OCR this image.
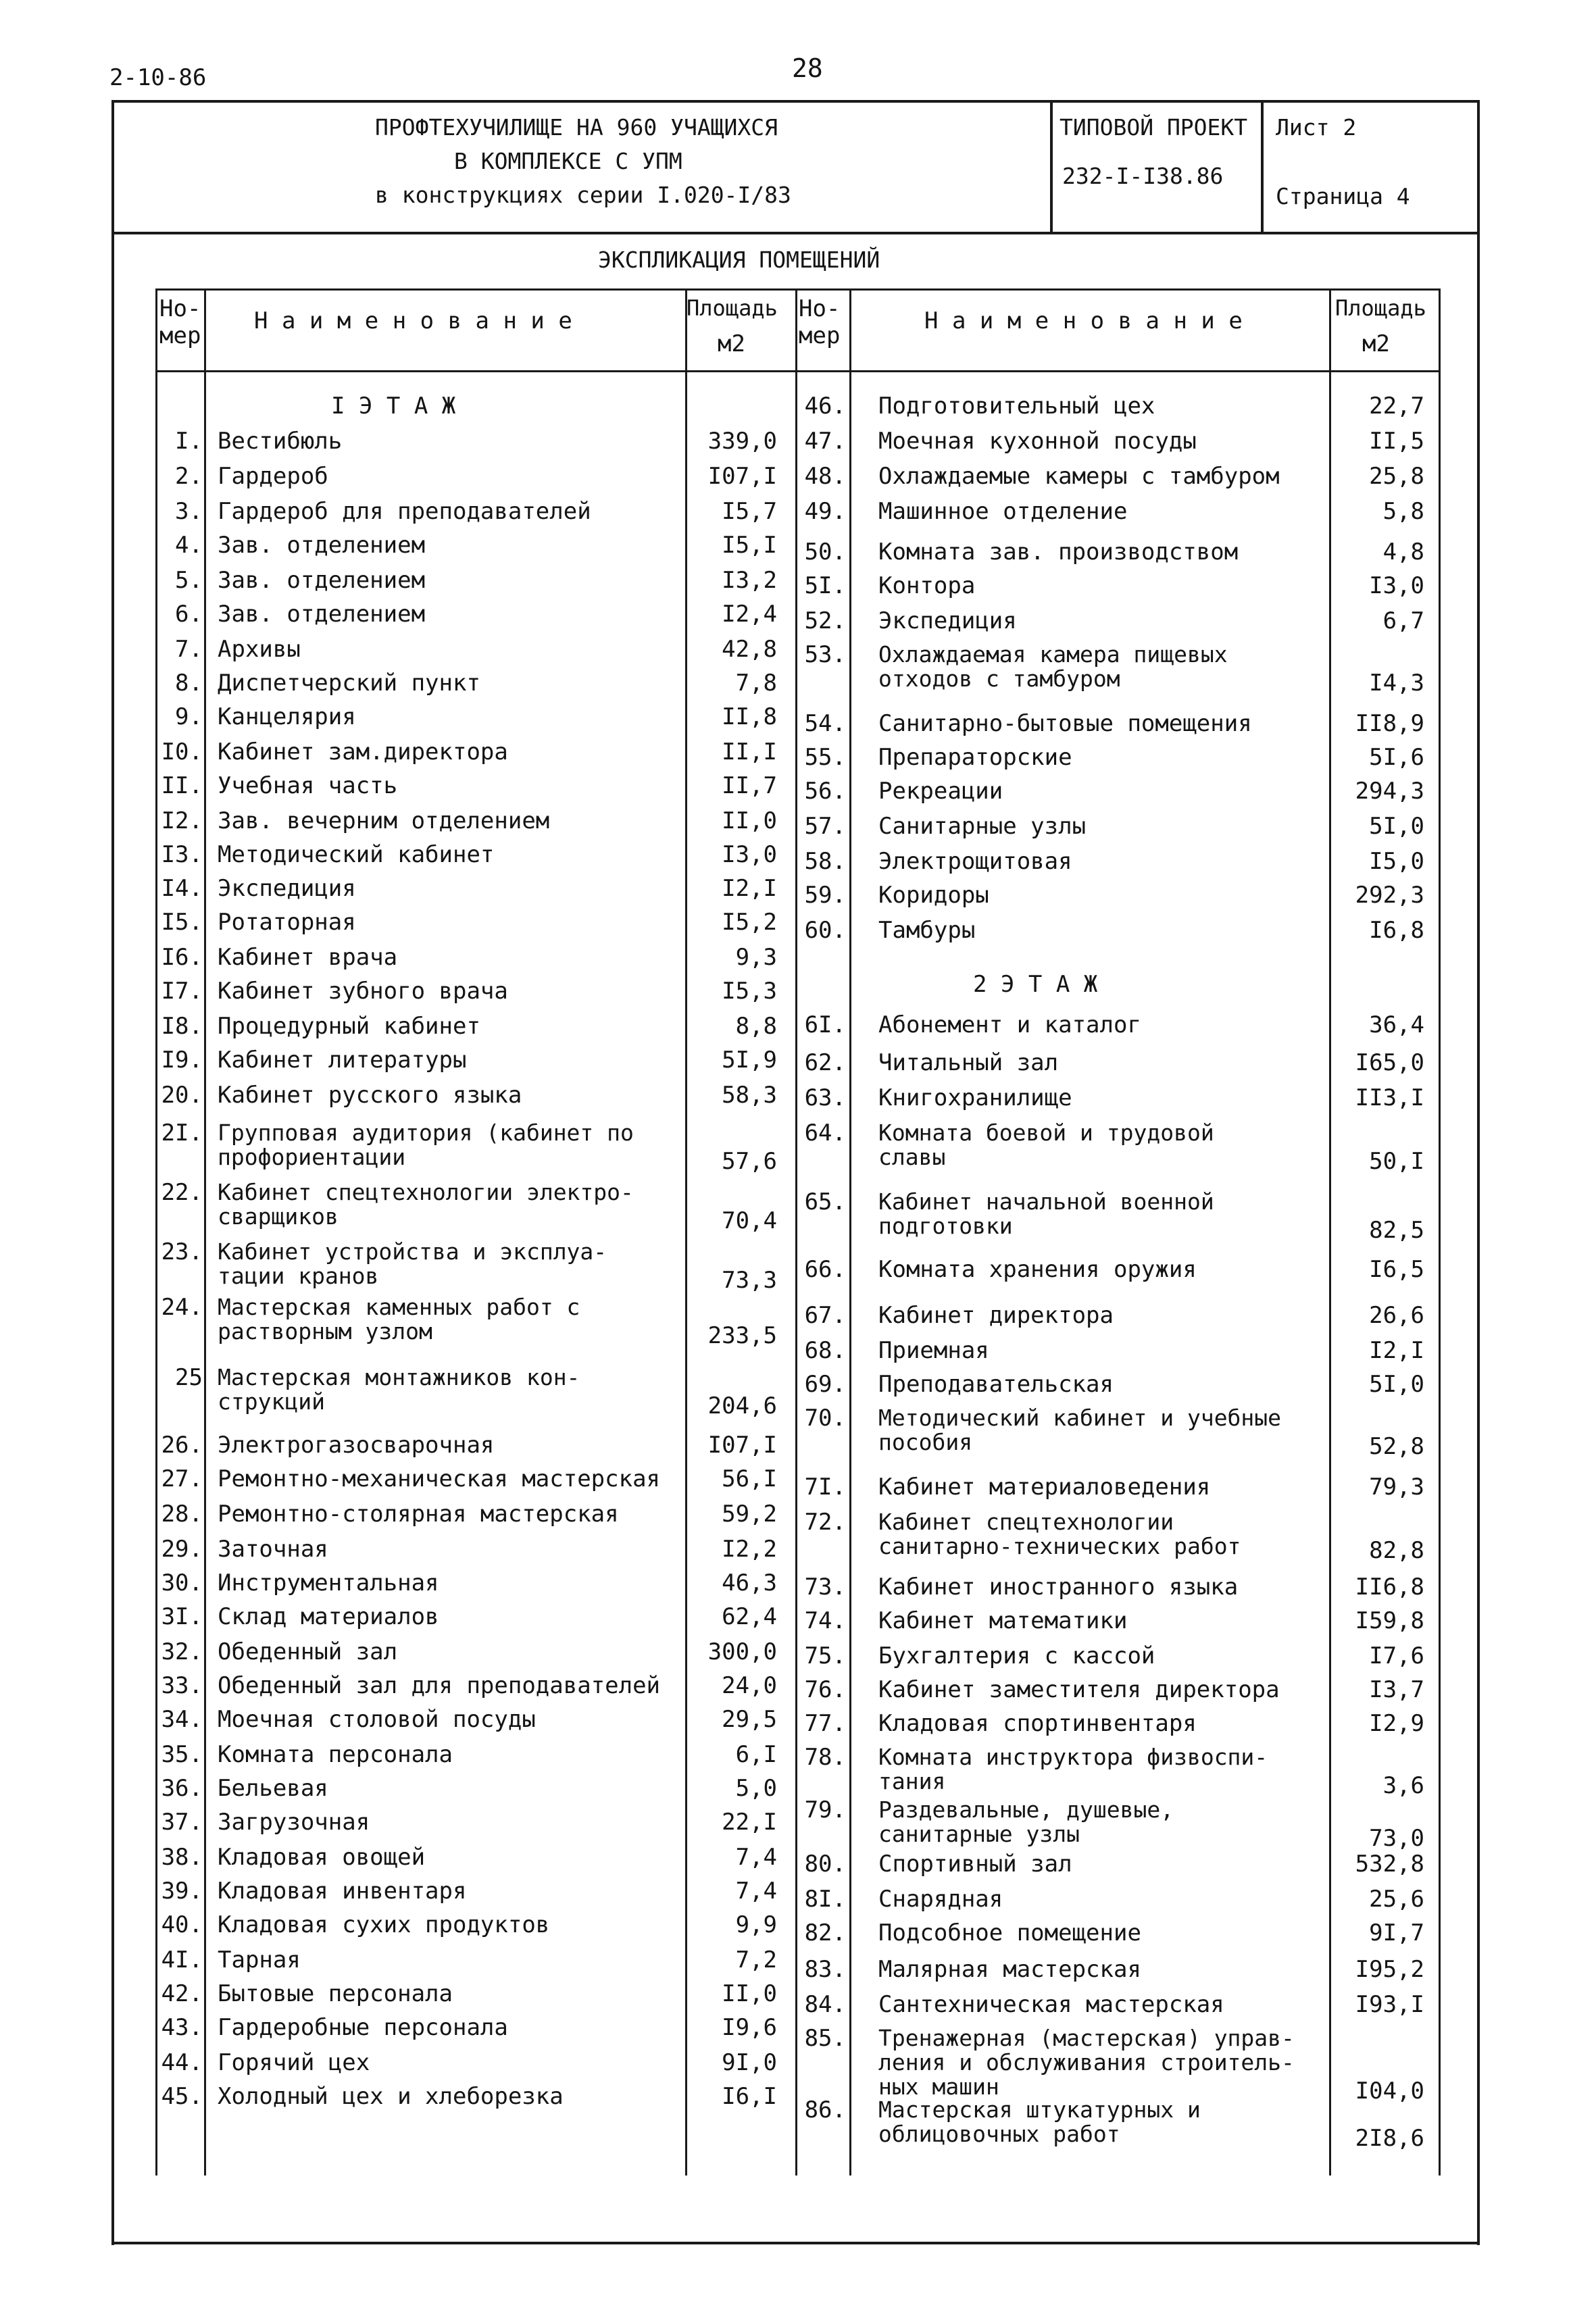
2-10-86	28
ПРОФТЕХУЧИЛИЩЕ НА 960 УЧАЩИХСЯ
В КОМПЛЕКСЕ С УПМ
в конструкциях серии I.020-I/83
ТИПОВОЙ ПРОЕКТ
232-I-I38.86
Лист 2
Страница 4
ЭКСПЛИКАЦИЯ ПОМЕЩЕНИЙ
Но-
мер
Н а и м е н о в а н и е	Площадь
м2
Но-
мер
Н а и м е н о в а н и е	Площадь
м2
I Э Т А Ж
2 Э Т А Ж
I. Вестибюль	339,0
2. Гардероб	I07,I
3. Гардероб для преподавателей	I5,7
4. Зав. отделением	I5,I
5. Зав. отделением	I3,2
6. Зав. отделением	I2,4
7. Архивы	42,8
8. Диспетчерский пункт	7,8
9. Канцелярия	II,8
I0. Кабинет зам.директора	II,I
II. Учебная часть	II,7
I2. Зав. вечерним отделением	II,0
I3. Методический кабинет	I3,0
I4. Экспедиция	I2,I
I5. Ротаторная	I5,2
I6. Кабинет врача	9,3
I7. Кабинет зубного врача	I5,3
I8. Процедурный кабинет	8,8
I9. Кабинет литературы	5I,9
20. Кабинет русского языка	58,3
2I. Групповая аудитория (кабинет по
профориентации	57,6
22. Кабинет спецтехнологии электро-
сварщиков	70,4
23. Кабинет устройства и эксплуа-
тации кранов	73,3
24. Мастерская каменных работ с
растворным узлом	233,5
25 Мастерская монтажников кон-
струкций	204,6
26. Электрогазосварочная	I07,I
27. Ремонтно-механическая мастерская	56,I
28. Ремонтно-столярная мастерская	59,2
29. Заточная	I2,2
30. Инструментальная	46,3
3I. Склад материалов	62,4
32. Обеденный зал	300,0
33. Обеденный зал для преподавателей	24,0
34. Моечная столовой посуды	29,5
35. Комната персонала	6,I
36. Бельевая	5,0
37. Загрузочная	22,I
38. Кладовая овощей	7,4
39. Кладовая инвентаря	7,4
40. Кладовая сухих продуктов	9,9
4I. Тарная	7,2
42. Бытовые персонала	II,0
43. Гардеробные персонала	I9,6
44. Горячий цех	9I,0
45. Холодный цех и хлеборезка	I6,I
46. Подготовительный цех	22,7
47. Моечная кухонной посуды	II,5
48. Охлаждаемые камеры с тамбуром	25,8
49. Машинное отделение	5,8
50. Комната зав. производством	4,8
5I. Контора	I3,0
52. Экспедиция	6,7
53. Охлаждаемая камера пищевых
отходов с тамбуром	I4,3
54. Санитарно-бытовые помещения	II8,9
55. Препараторские	5I,6
56. Рекреации	294,3
57. Санитарные узлы	5I,0
58. Электрощитовая	I5,0
59. Коридоры	292,3
60. Тамбуры	I6,8
6I. Абонемент и каталог	36,4
62. Читальный зал	I65,0
63. Книгохранилище	II3,I
64. Комната боевой и трудовой
славы	50,I
65. Кабинет начальной военной
подготовки	82,5
66. Комната хранения оружия	I6,5
67. Кабинет директора	26,6
68. Приемная	I2,I
69. Преподавательская	5I,0
70. Методический кабинет и учебные
пособия	52,8
7I. Кабинет материаловедения	79,3
72. Кабинет спецтехнологии
санитарно-технических работ	82,8
73. Кабинет иностранного языка	II6,8
74. Кабинет математики	I59,8
75. Бухгалтерия с кассой	I7,6
76. Кабинет заместителя директора	I3,7
77. Кладовая спортинвентаря	I2,9
78. Комната инструктора физвоспи-
тания	3,6
79. Раздевальные, душевые,
санитарные узлы	73,0
80. Спортивный зал	532,8
8I. Снарядная	25,6
82. Подсобное помещение	9I,7
83. Малярная мастерская	I95,2
84. Сантехническая мастерская	I93,I
85. Тренажерная (мастерская) управ-
ления и обслуживания строитель-
ных машин	I04,0
86. Мастерская штукатурных и
облицовочных работ	2I8,6
